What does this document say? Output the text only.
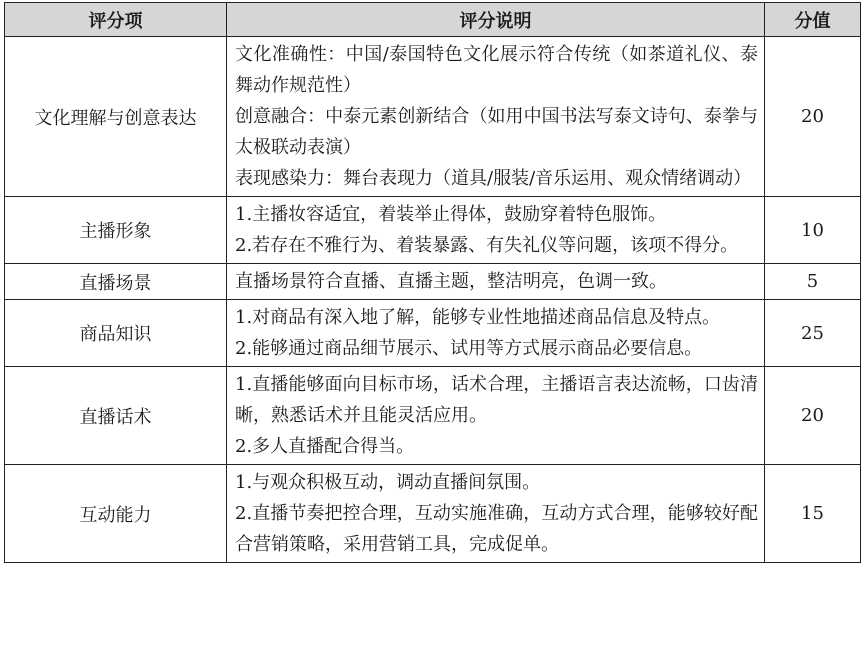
评分项	评分说明	分值
文化理解与创意表达	文化准确性：中国/泰国特色文化展示符合传统（如茶道礼仪、泰舞动作规范性）
创意融合：中泰元素创新结合（如用中国书法写泰文诗句、泰拳与太极联动表演）
表现感染力：舞台表现力（道具/服装/音乐运用、观众情绪调动）	20
主播形象	1.主播妆容适宜，着装举止得体，鼓励穿着特色服饰。
2.若存在不雅行为、着装暴露、有失礼仪等问题，该项不得分。	10
直播场景	直播场景符合直播、直播主题，整洁明亮，色调一致。	5
商品知识	1.对商品有深入地了解，能够专业性地描述商品信息及特点。
2.能够通过商品细节展示、试用等方式展示商品必要信息。	25
直播话术	1.直播能够面向目标市场，话术合理，主播语言表达流畅，口齿清晰，熟悉话术并且能灵活应用。
2.多人直播配合得当。	20
互动能力	1.与观众积极互动，调动直播间氛围。
2.直播节奏把控合理，互动实施准确，互动方式合理，能够较好配合营销策略，采用营销工具，完成促单。	15
